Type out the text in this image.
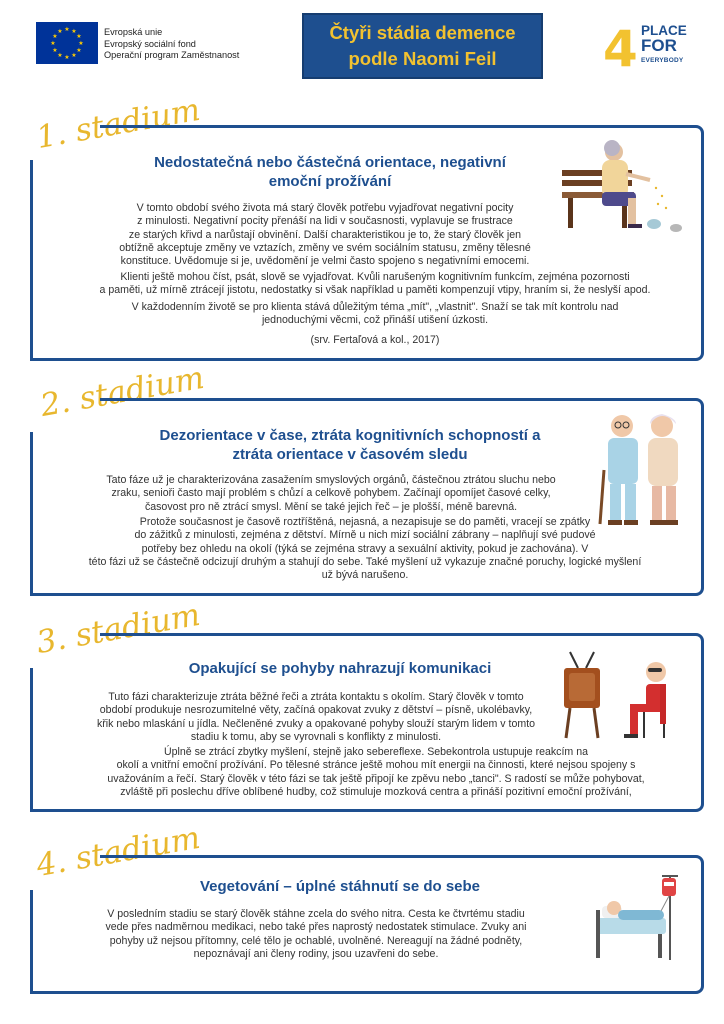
★ ★
★
★
★
★
★
★
★
★
★
★	Evropská unie
Evropský sociální fond
Operační program Zaměstnanost
Čtyři stádia demence
podle Naomi Feil 4 PLACE
FOR
EVERYBODY
1. stadium
Nedostatečná nebo částečná orientace, negativní
emoční prožívání
V tomto období svého života má starý člověk potřebu vyjadřovat negativní pocity
z minulosti. Negativní pocity přenáší na lidi v současnosti, vyplavuje se frustrace
ze starých křivd a narůstají obvinění. Další charakteristikou je to, že starý člověk jen
obtížně akceptuje změny ve vztazích, změny ve svém sociálním statusu, změny tělesné
konstituce. Uvědomuje si je, uvědomění je velmi často spojeno s negativními emocemi.
Klienti ještě mohou číst, psát, slově se vyjadřovat. Kvůli narušeným kognitivním funkcím, zejména pozornosti
a paměti, už mírně ztrácejí jistotu, nedostatky si však například u paměti kompenzují vtipy, hraním si, že neslyší apod.
V každodenním životě se pro klienta stává důležitým téma „mít", „vlastnit". Snaží se tak mít kontrolu nad
jednoduchými věcmi, což přináší utišení úzkosti.
(srv. Fertaľová a kol., 2017)
2. stadium
Dezorientace v čase, ztráta kognitivních schopností a
ztráta orientace v časovém sledu
Tato fáze už je charakterizována zasažením smyslových orgánů, částečnou ztrátou sluchu nebo
zraku, senioři často mají problém s chůzí a celkově pohybem. Začínají opomíjet časové celky,
časovost pro ně ztrácí smysl. Mění se také jejich řeč – je plošší, méně barevná.
Protože současnost je časově roztříštěná, nejasná, a nezapisuje se do paměti, vracejí se zpátky
do zážitků z minulosti, zejména z dětství. Mírně u nich mizí sociální zábrany – naplňují své pudové
potřeby bez ohledu na okolí (týká se zejména stravy a sexuální aktivity, pokud je zachována). V
této fázi už se částečně odcizují druhým a stahují do sebe. Také myšlení už vykazuje značné poruchy, logické myšlení
už bývá narušeno.
3. stadium
Opakující se pohyby nahrazují komunikaci
Tuto fázi charakterizuje ztráta běžné řeči a ztráta kontaktu s okolím. Starý člověk v tomto
období produkuje nesrozumitelné věty, začíná opakovat zvuky z dětství – písně, ukolébavky,
křik nebo mlaskání u jídla. Nečleněné zvuky a opakované pohyby slouží starým lidem v tomto
stadiu k tomu, aby se vyrovnali s konflikty z minulosti.
Úplně se ztrácí zbytky myšlení, stejně jako sebereflexe. Sebekontrola ustupuje reakcím na
okolí a vnitřní emoční prožívání. Po tělesné stránce ještě mohou mít energii na činnosti, které nejsou spojeny s
uvažováním a řečí. Starý člověk v této fázi se tak ještě připojí ke zpěvu nebo „tanci". S radostí se může pohybovat,
zvláště při poslechu dříve oblíbené hudby, což stimuluje mozková centra a přináší pozitivní emoční prožívání,
4. stadium
Vegetování – úplné stáhnutí se do sebe
V posledním stadiu se starý člověk stáhne zcela do svého nitra. Cesta ke čtvrtému stadiu
vede přes nadměrnou medikaci, nebo také přes naprostý nedostatek stimulace. Zvuky ani
pohyby už nejsou přítomny, celé tělo je ochablé, uvolněné. Nereagují na žádné podněty,
nepoznávají ani členy rodiny, jsou uzavřeni do sebe.
